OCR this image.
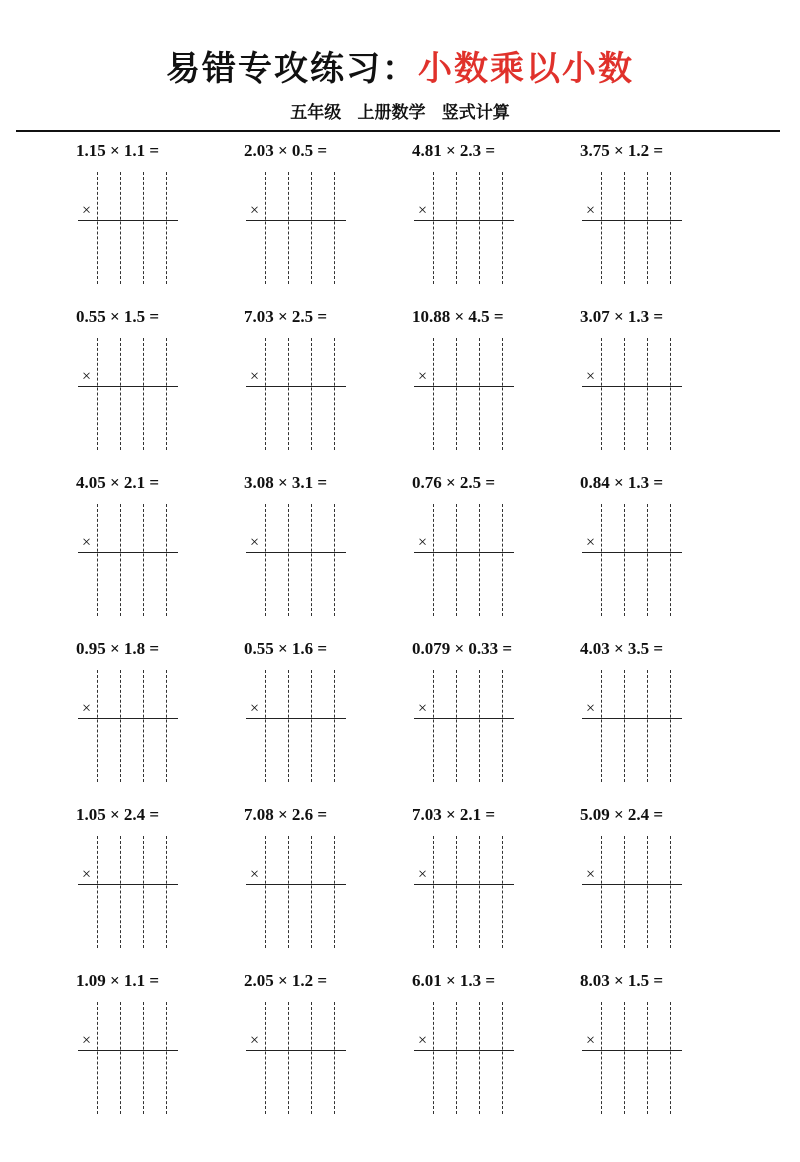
易错专攻练习：小数乘以小数
五年级 上册数学 竖式计算
1.15 × 1.1 =
×
2.03 × 0.5 =
×
4.81 × 2.3 =
×
3.75 × 1.2 =
×
0.55 × 1.5 =
×
7.03 × 2.5 =
×
10.88 × 4.5 =
×
3.07 × 1.3 =
×
4.05 × 2.1 =
×
3.08 × 3.1 =
×
0.76 × 2.5 =
×
0.84 × 1.3 =
×
0.95 × 1.8 =
×
0.55 × 1.6 =
×
0.079 × 0.33 =
×
4.03 × 3.5 =
×
1.05 × 2.4 =
×
7.08 × 2.6 =
×
7.03 × 2.1 =
×
5.09 × 2.4 =
×
1.09 × 1.1 =
×
2.05 × 1.2 =
×
6.01 × 1.3 =
×
8.03 × 1.5 =
×
